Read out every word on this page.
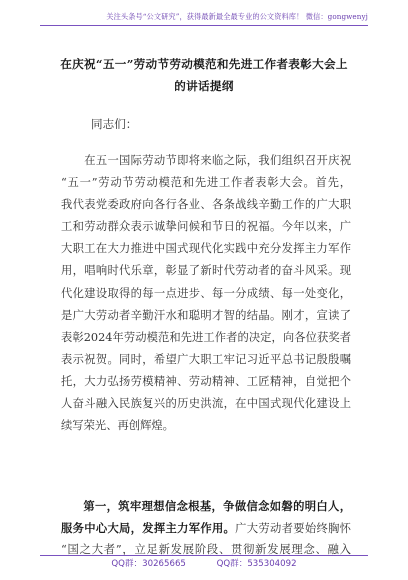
关注头条号“公文研究”，获得最新最全最专业的公文资料库！ 微信：gongwenyj
在庆祝“五一”劳动节劳动模范和先进工作者表彰大会上
的讲话提纲
同志们：
　　在五一国际劳动节即将来临之际，我们组织召开庆祝
“五一”劳动节劳动模范和先进工作者表彰大会。首先，
我代表党委政府向各行各业、各条战线辛勤工作的广大职
工和劳动群众表示诚挚问候和节日的祝福。今年以来，广
大职工在大力推进中国式现代化实践中充分发挥主力军作
用，唱响时代乐章，彰显了新时代劳动者的奋斗风采。现
代化建设取得的每一点进步、每一分成绩、每一处变化，
是广大劳动者辛勤汗水和聪明才智的结晶。刚才，宣读了
表彰2024年劳动模范和先进工作者的决定，向各位获奖者
表示祝贺。同时，希望广大职工牢记习近平总书记殷殷嘱
托，大力弘扬劳模精神、劳动精神、工匠精神，自觉把个
人奋斗融入民族复兴的历史洪流，在中国式现代化建设上
续写荣光、再创辉煌。
第一，筑牢理想信念根基，争做信念如磐的明白人，
服务中心大局，发挥主力军作用。广大劳动者要始终胸怀
“国之大者”，立足新发展阶段、贯彻新发展理念、融入
QQ群：30265665	QQ群：535304092
